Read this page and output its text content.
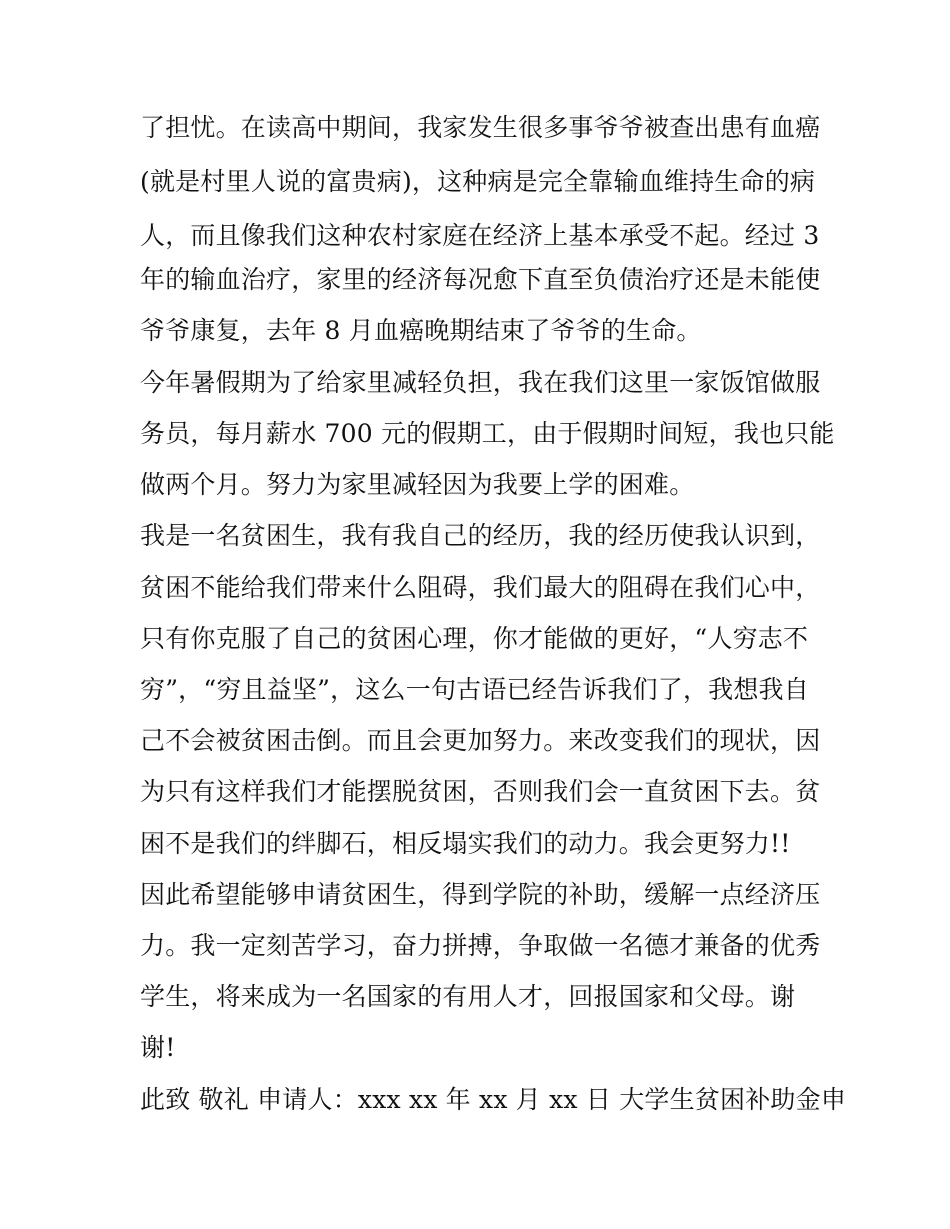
了担忧。在读高中期间，我家发生很多事爷爷被查出患有血癌
(就是村里人说的富贵病)，这种病是完全靠输血维持生命的病
人，而且像我们这种农村家庭在经济上基本承受不起。经过 3
年的输血治疗，家里的经济每况愈下直至负债治疗还是未能使
爷爷康复，去年 8 月血癌晚期结束了爷爷的生命。
今年暑假期为了给家里减轻负担，我在我们这里一家饭馆做服
务员，每月薪水 700 元的假期工，由于假期时间短，我也只能
做两个月。努力为家里减轻因为我要上学的困难。
我是一名贫困生，我有我自己的经历，我的经历使我认识到，
贫困不能给我们带来什么阻碍，我们最大的阻碍在我们心中，
只有你克服了自己的贫困心理，你才能做的更好，“人穷志不
穷”，“穷且益坚”，这么一句古语已经告诉我们了，我想我自
己不会被贫困击倒。而且会更加努力。来改变我们的现状，因
为只有这样我们才能摆脱贫困，否则我们会一直贫困下去。贫
困不是我们的绊脚石，相反塌实我们的动力。我会更努力!!
因此希望能够申请贫困生，得到学院的补助，缓解一点经济压
力。我一定刻苦学习，奋力拼搏，争取做一名德才兼备的优秀
学生，将来成为一名国家的有用人才，回报国家和父母。谢
谢!
此致 敬礼 申请人：xxx xx 年 xx 月 xx 日 大学生贫困补助金申
